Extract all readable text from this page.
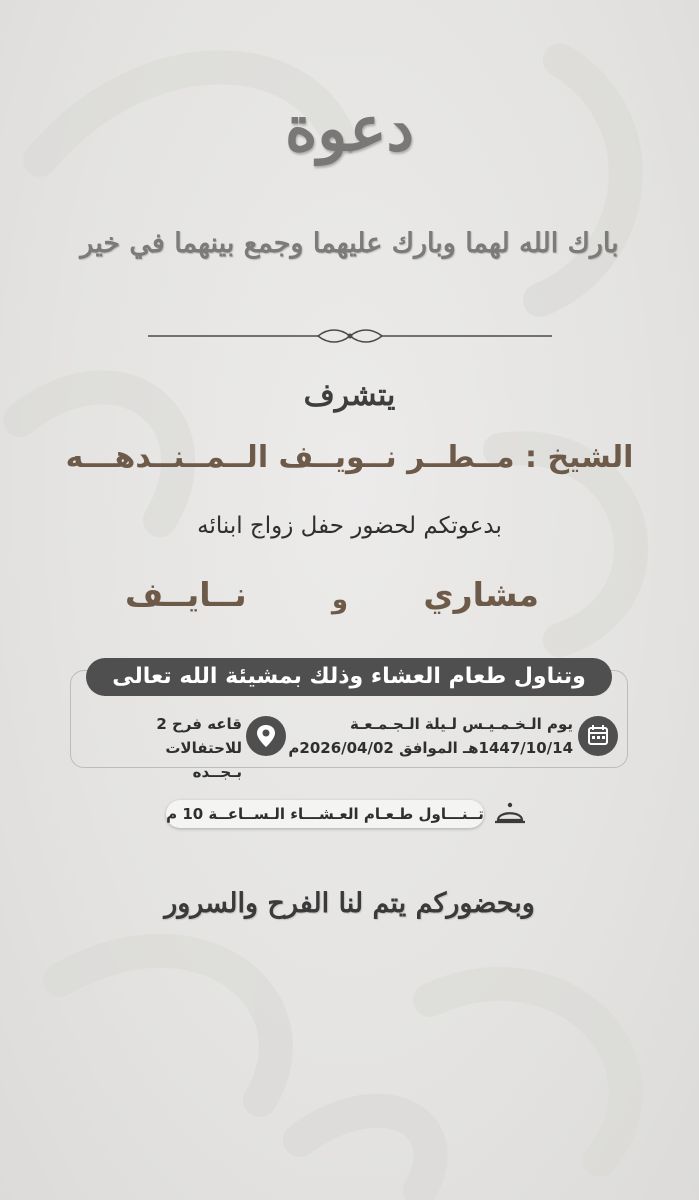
دعوة
بارك الله لهما وبارك عليهما وجمع بينهما في خير
يتشرف
الشيخ : مــطــر نــويــف الــمــنــدهـــه
بدعوتكم لحضور حفل زواج ابنائه
مشاري
و
نــايــف
وتناول طعام العشاء وذلك بمشيئة الله تعالى
يوم الـخـمـيـس لـيلة الـجـمـعـة
1447/10/14هـ الموافق 2026/04/02م
قاعه فرح 2 للاحتفالات
بـجــده
تــنـــاول طـعـام العـشـــاء الـســاعــة 10 م
وبحضوركم يتم لنا الفرح والسرور
